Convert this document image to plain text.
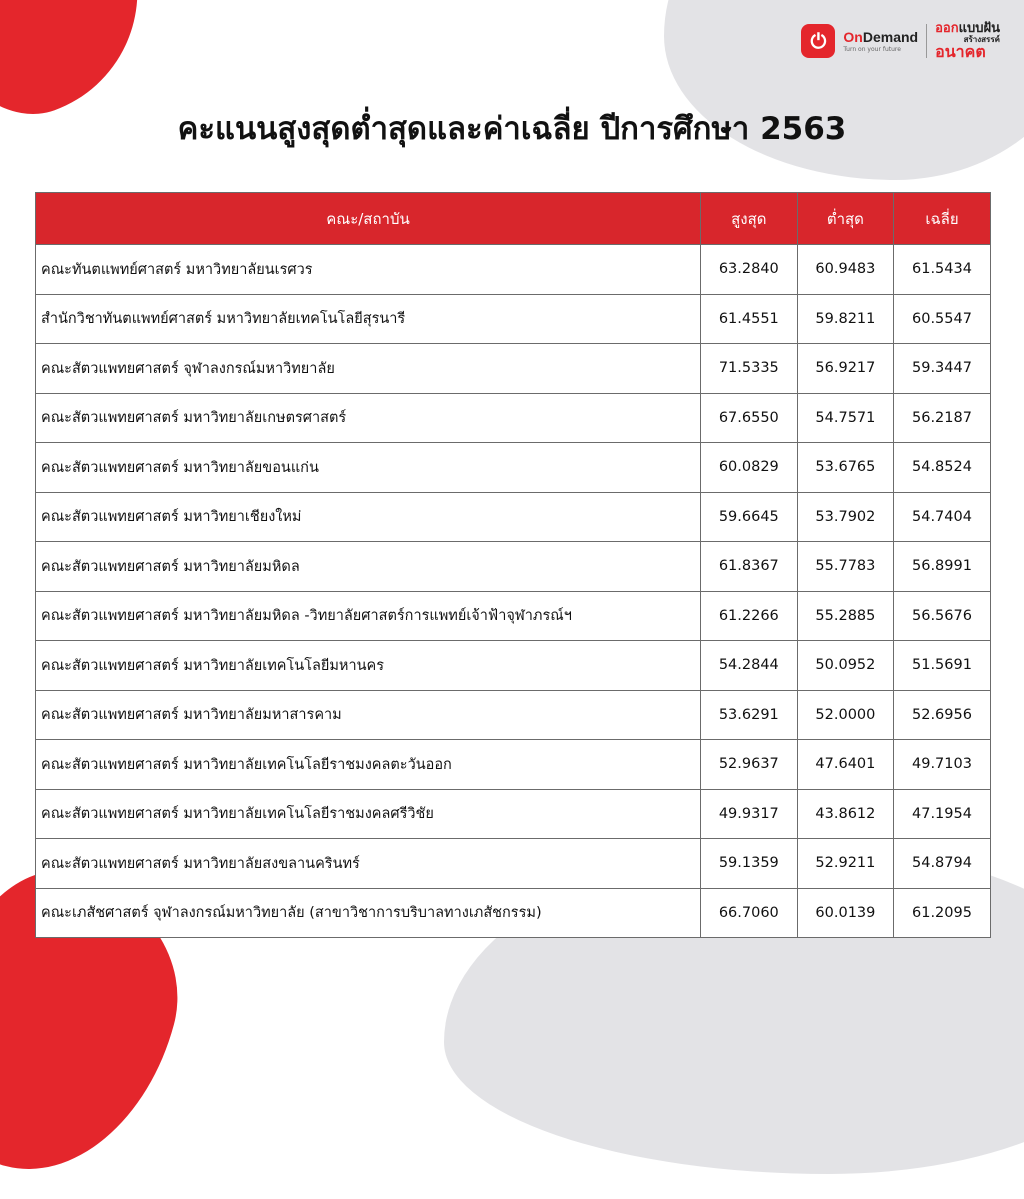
⏻	OnDemand
Turn on your future
ออกแบบฝัน
สร้างสรรค์
อนาคต
คะแนนสูงสุดต่ำสุดและค่าเฉลี่ย ปีการศึกษา 2563
คณะ/สถาบัน	สูงสุด	ต่ำสุด	เฉลี่ย
คณะทันตแพทย์ศาสตร์ มหาวิทยาลัยนเรศวร	63.2840	60.9483	61.5434
สำนักวิชาทันตแพทย์ศาสตร์ มหาวิทยาลัยเทคโนโลยีสุรนารี	61.4551	59.8211	60.5547
คณะสัตวแพทยศาสตร์ จุฬาลงกรณ์มหาวิทยาลัย	71.5335	56.9217	59.3447
คณะสัตวแพทยศาสตร์ มหาวิทยาลัยเกษตรศาสตร์	67.6550	54.7571	56.2187
คณะสัตวแพทยศาสตร์ มหาวิทยาลัยขอนแก่น	60.0829	53.6765	54.8524
คณะสัตวแพทยศาสตร์ มหาวิทยาเชียงใหม่	59.6645	53.7902	54.7404
คณะสัตวแพทยศาสตร์ มหาวิทยาลัยมหิดล	61.8367	55.7783	56.8991
คณะสัตวแพทยศาสตร์ มหาวิทยาลัยมหิดล -วิทยาลัยศาสตร์การแพทย์เจ้าฟ้าจุฬาภรณ์ฯ	61.2266	55.2885	56.5676
คณะสัตวแพทยศาสตร์ มหาวิทยาลัยเทคโนโลยีมหานคร	54.2844	50.0952	51.5691
คณะสัตวแพทยศาสตร์ มหาวิทยาลัยมหาสารคาม	53.6291	52.0000	52.6956
คณะสัตวแพทยศาสตร์ มหาวิทยาลัยเทคโนโลยีราชมงคลตะวันออก	52.9637	47.6401	49.7103
คณะสัตวแพทยศาสตร์ มหาวิทยาลัยเทคโนโลยีราชมงคลศรีวิชัย	49.9317	43.8612	47.1954
คณะสัตวแพทยศาสตร์ มหาวิทยาลัยสงขลานครินทร์	59.1359	52.9211	54.8794
คณะเภสัชศาสตร์ จุฬาลงกรณ์มหาวิทยาลัย (สาขาวิชาการบริบาลทางเภสัชกรรม)	66.7060	60.0139	61.2095
